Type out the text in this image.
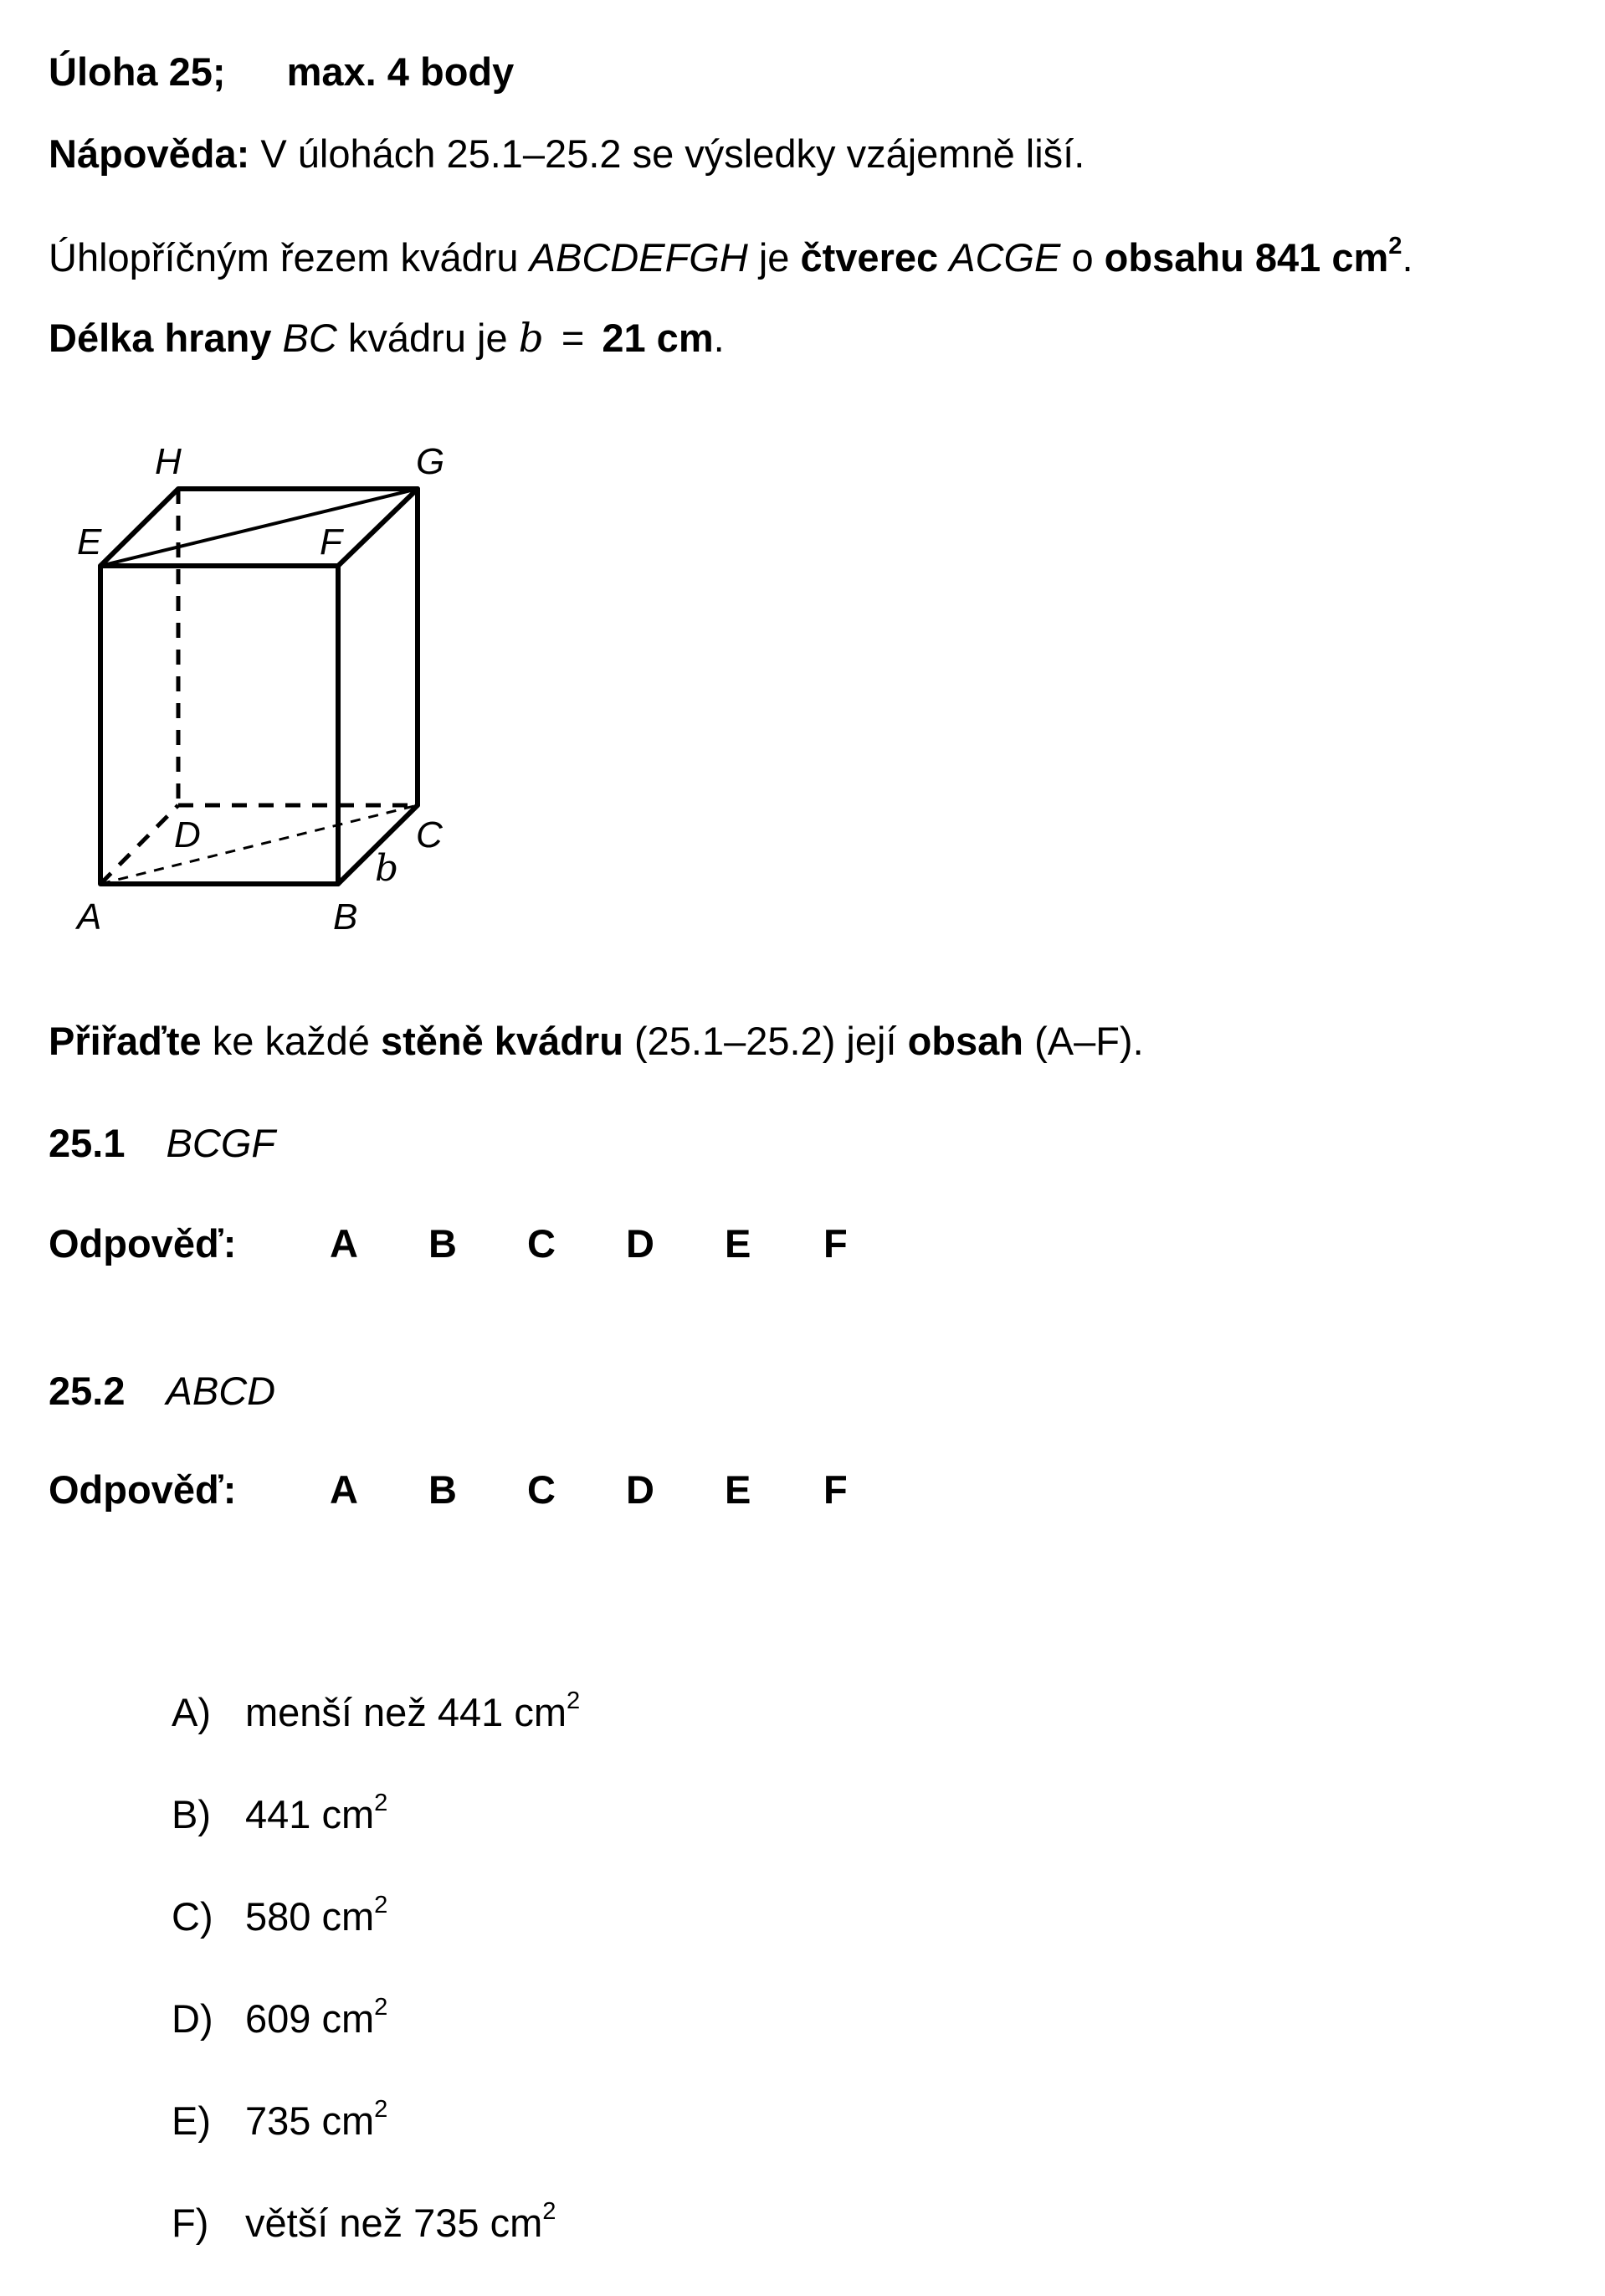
Úloha 25; max. 4 body
Nápověda: V úlohách 25.1–25.2 se výsledky vzájemně liší.
Úhlopříčným řezem kvádru ABCDEFGH je čtverec ACGE o obsahu 841 $cm^2$.
Délka hrany BC kvádru je b = 21 cm.
H	G
E	F
D	C
b
A	B
Přiřaďte ke každé stěně kvádru (25.1–25.2) její obsah (A–F).
25.1 BCGF
Odpověď: A B C D E F
25.2 ABCD
Odpověď: A B C D E F
A) menší než 441 $cm^2$
B) 441 $cm^2$
C) 580 $cm^2$
D) 609 $cm^2$
E) 735 $cm^2$
F) větší než 735 $cm^2$
